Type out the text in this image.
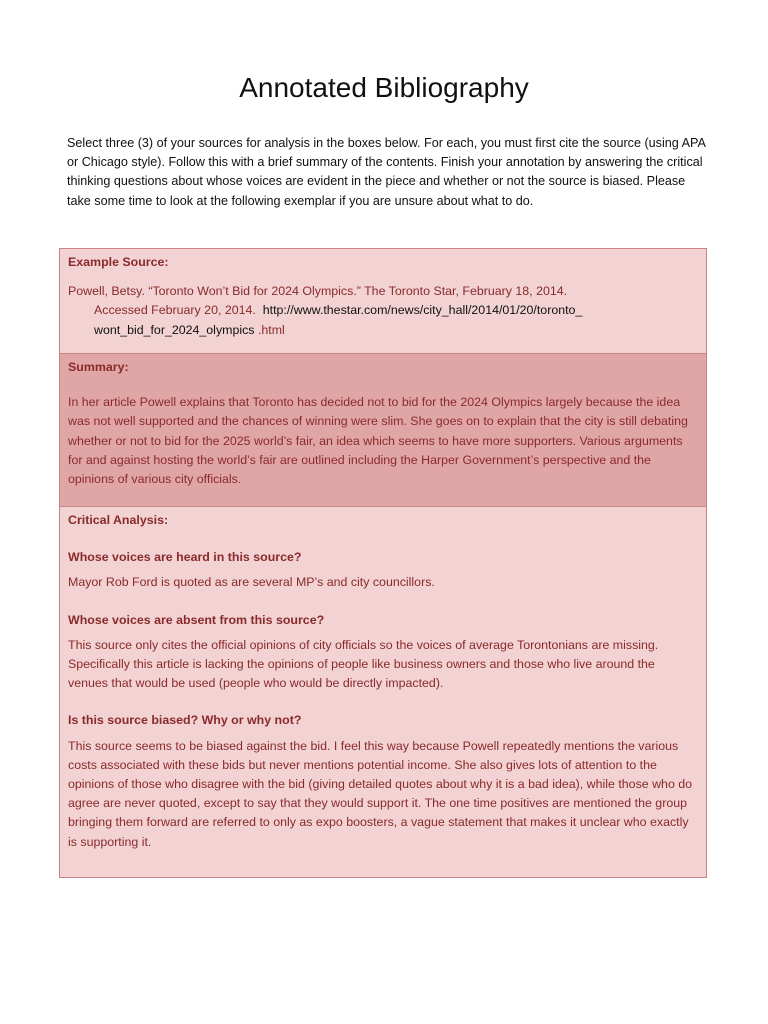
Annotated Bibliography

Select three (3) of your sources for analysis in the boxes below. For each, you must first cite the source (using APA or Chicago style). Follow this with a brief summary of the contents. Finish your annotation by answering the critical thinking questions about whose voices are evident in the piece and whether or not the source is biased. Please take some time to look at the following exemplar if you are unsure about what to do.

Example Source:

Powell, Betsy. “Toronto Won’t Bid for 2024 Olympics.” The Toronto Star, February 18, 2014.
Accessed February 20, 2014. http://www.thestar.com/news/city_hall/2014/01/20/toronto_
wont_bid_for_2024_olympics .html

Summary:

In her article Powell explains that Toronto has decided not to bid for the 2024 Olympics largely because the idea was not well supported and the chances of winning were slim. She goes on to explain that the city is still debating whether or not to bid for the 2025 world’s fair, an idea which seems to have more supporters. Various arguments for and against hosting the world’s fair are outlined including the Harper Government’s perspective and the opinions of various city officials.

Critical Analysis:

Whose voices are heard in this source?

Mayor Rob Ford is quoted as are several MP’s and city councillors.

Whose voices are absent from this source?

This source only cites the official opinions of city officials so the voices of average Torontonians are missing. Specifically this article is lacking the opinions of people like business owners and those who live around the venues that would be used (people who would be directly impacted).

Is this source biased? Why or why not?

This source seems to be biased against the bid. I feel this way because Powell repeatedly mentions the various costs associated with these bids but never mentions potential income. She also gives lots of attention to the opinions of those who disagree with the bid (giving detailed quotes about why it is a bad idea), while those who do agree are never quoted, except to say that they would support it. The one time positives are mentioned the group bringing them forward are referred to only as expo boosters, a vague statement that makes it unclear who exactly is supporting it.
